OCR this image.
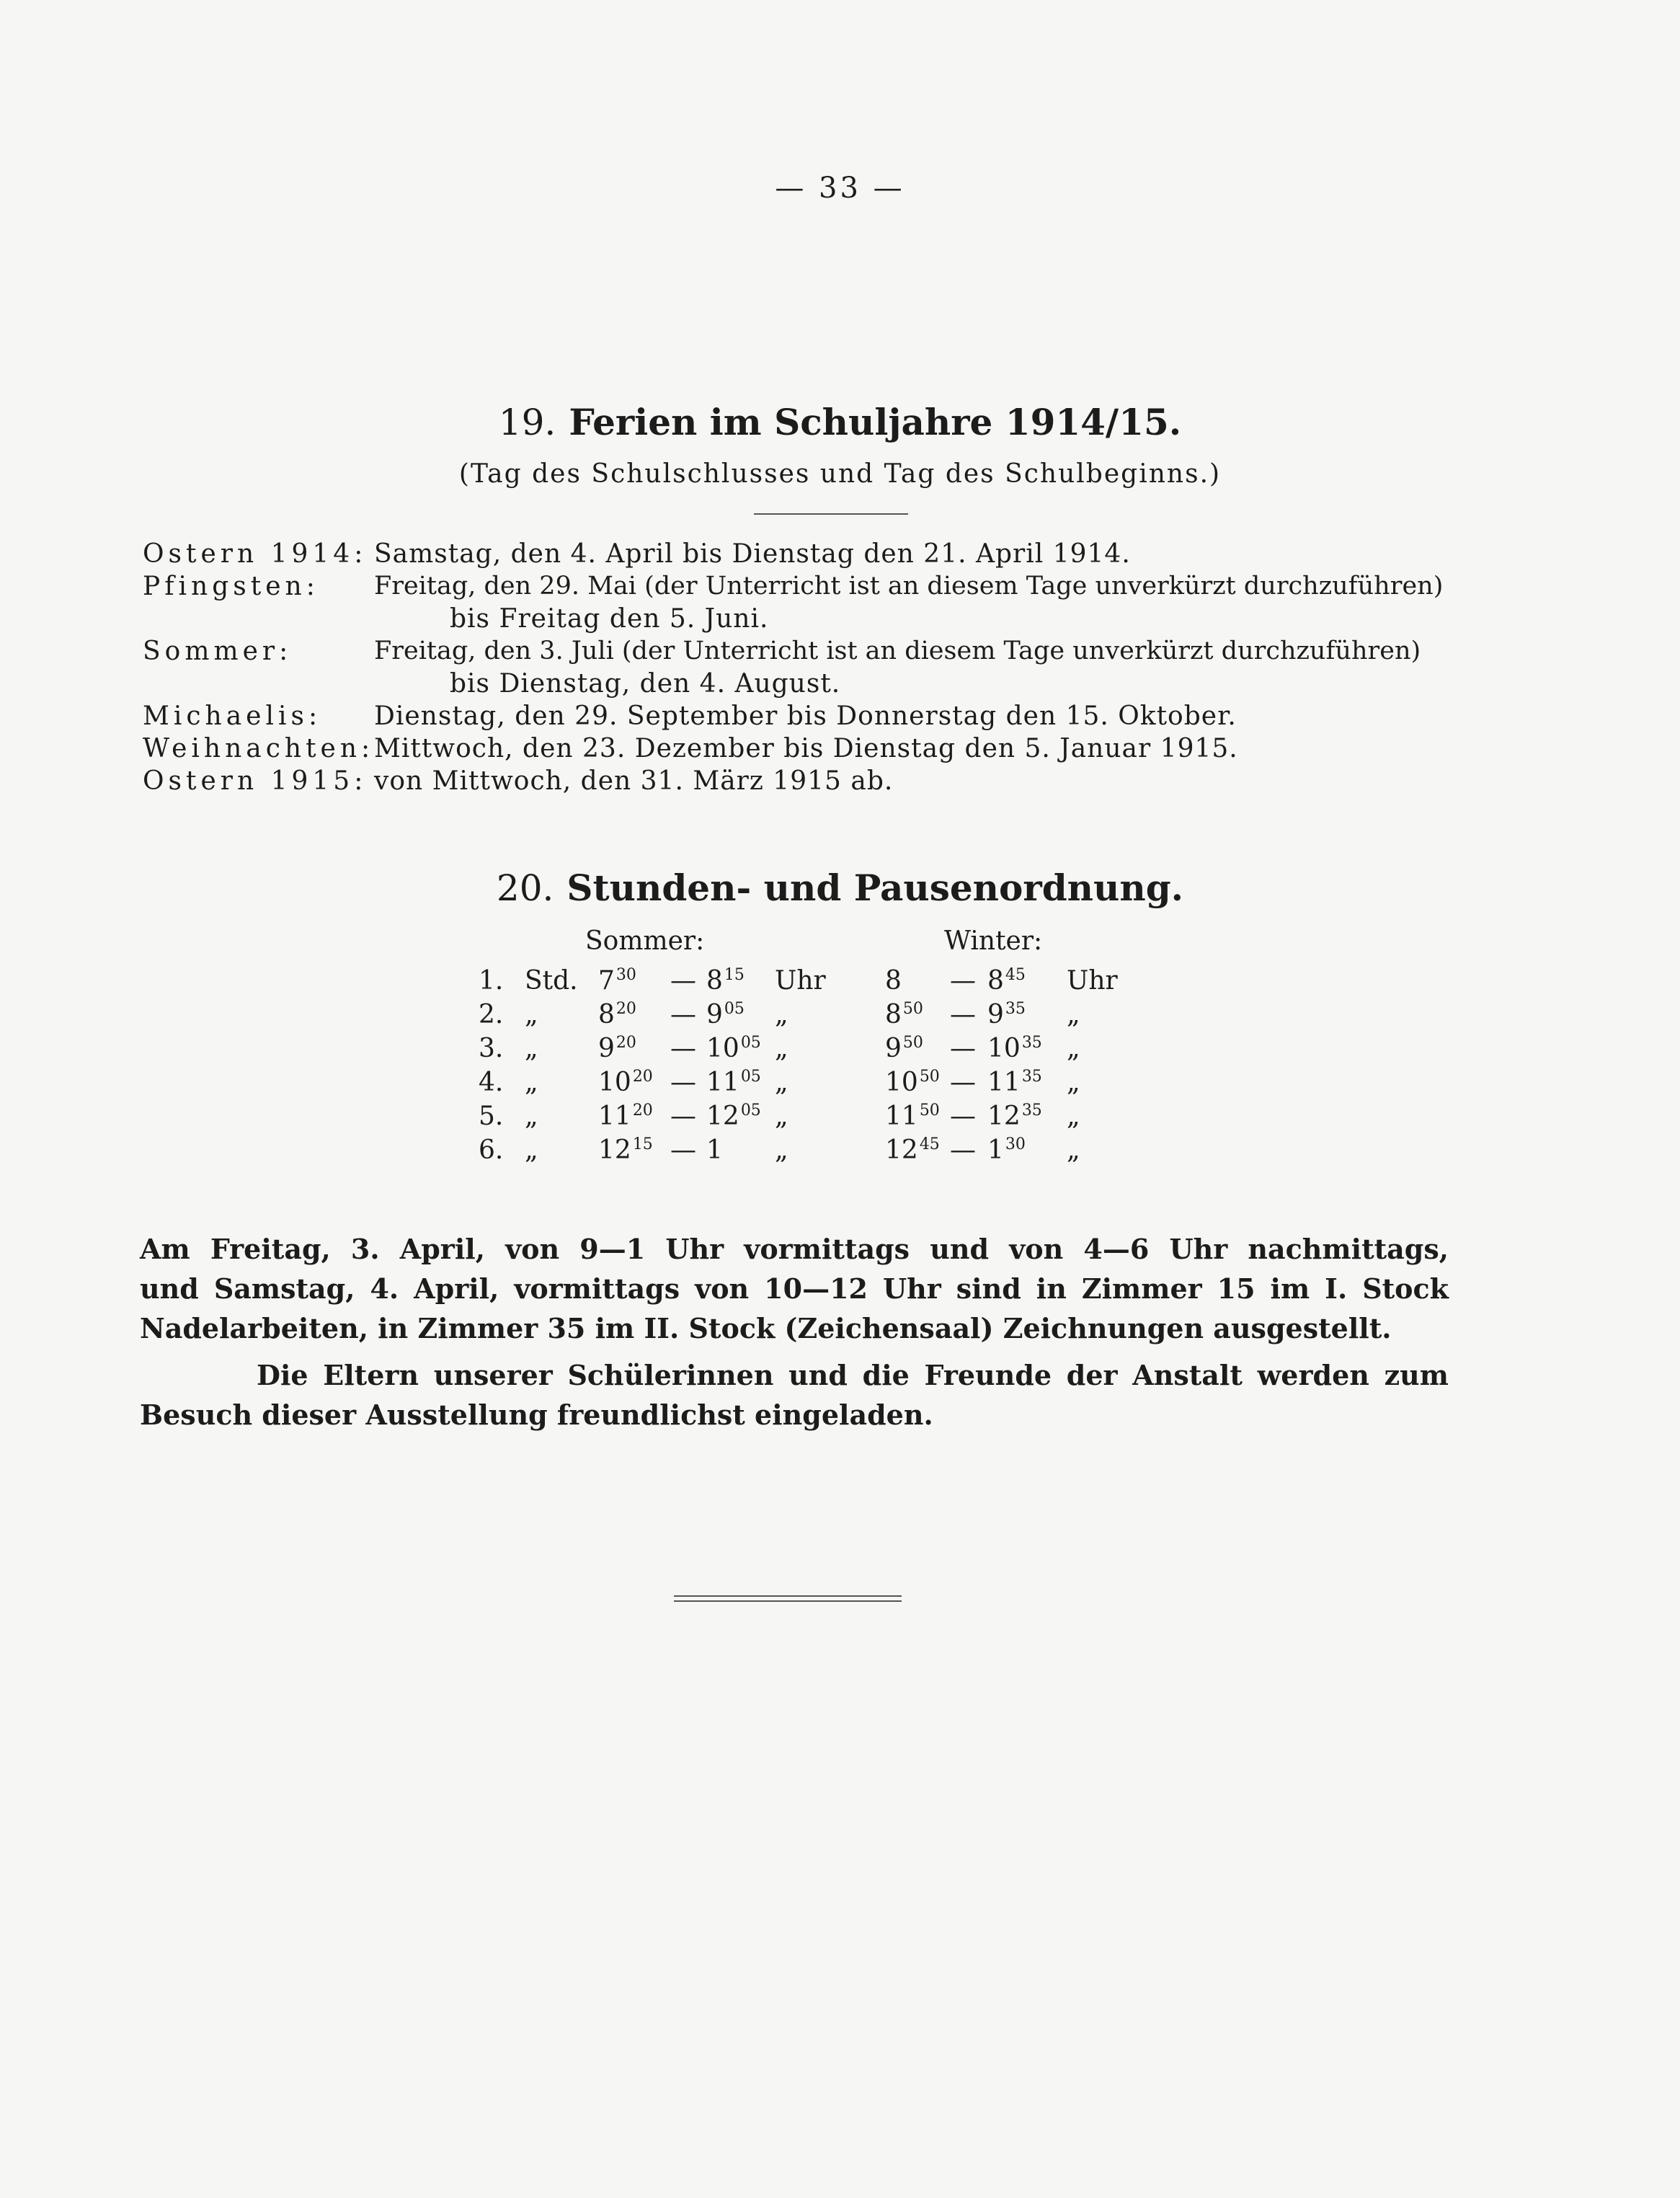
— 33 —
19. Ferien im Schuljahre 1914/15.
(Tag des Schulschlusses und Tag des Schulbeginns.)
Ostern 1914: Samstag, den 4. April bis Dienstag den 21. April 1914.
Pfingsten: Freitag, den 29. Mai (der Unterricht ist an diesem Tage unverkürzt durchzuführen)
bis Freitag den 5. Juni.
Sommer:	Freitag, den 3. Juli (der Unterricht ist an diesem Tage unverkürzt durchzuführen)
bis Dienstag, den 4. August.
Michaelis: Dienstag, den 29. September bis Donnerstag den 15. Oktober.
Weihnachten: Mittwoch, den 23. Dezember bis Dienstag den 5. Januar 1915.
Ostern 1915: von Mittwoch, den 31. März 1915 ab.
20. Stunden- und Pausenordnung.
Sommer:	Winter:
1. Std. $7^{30}$ — $8^{15}$ Uhr 8 — $8^{45}$ Uhr
2. „ $8^{20}$ — $9^{05}$ „	$8^{50}$ — $9^{35}$ „
3. „ $9^{20}$ — $10^{05}$ „	$9^{50}$ — $10^{35}$ „
4. „ $10^{20}$ — $11^{05}$ „	$10^{50}$ — $11^{35}$ „
5. „ $11^{20}$ — $12^{05}$ „	$11^{50}$ — $12^{35}$ „
6. „ $12^{15}$ — 1 „	$12^{45}$ — $1^{30}$ „
Am Freitag, 3. April, von 9—1 Uhr vormittags und von 4—6 Uhr nachmittags,
und Samstag, 4. April, vormittags von 10—12 Uhr sind in Zimmer 15 im I. Stock
Nadelarbeiten, in Zimmer 35 im II. Stock (Zeichensaal) Zeichnungen ausgestellt.
Die Eltern unserer Schülerinnen und die Freunde der Anstalt werden zum
Besuch dieser Ausstellung freundlichst eingeladen.
